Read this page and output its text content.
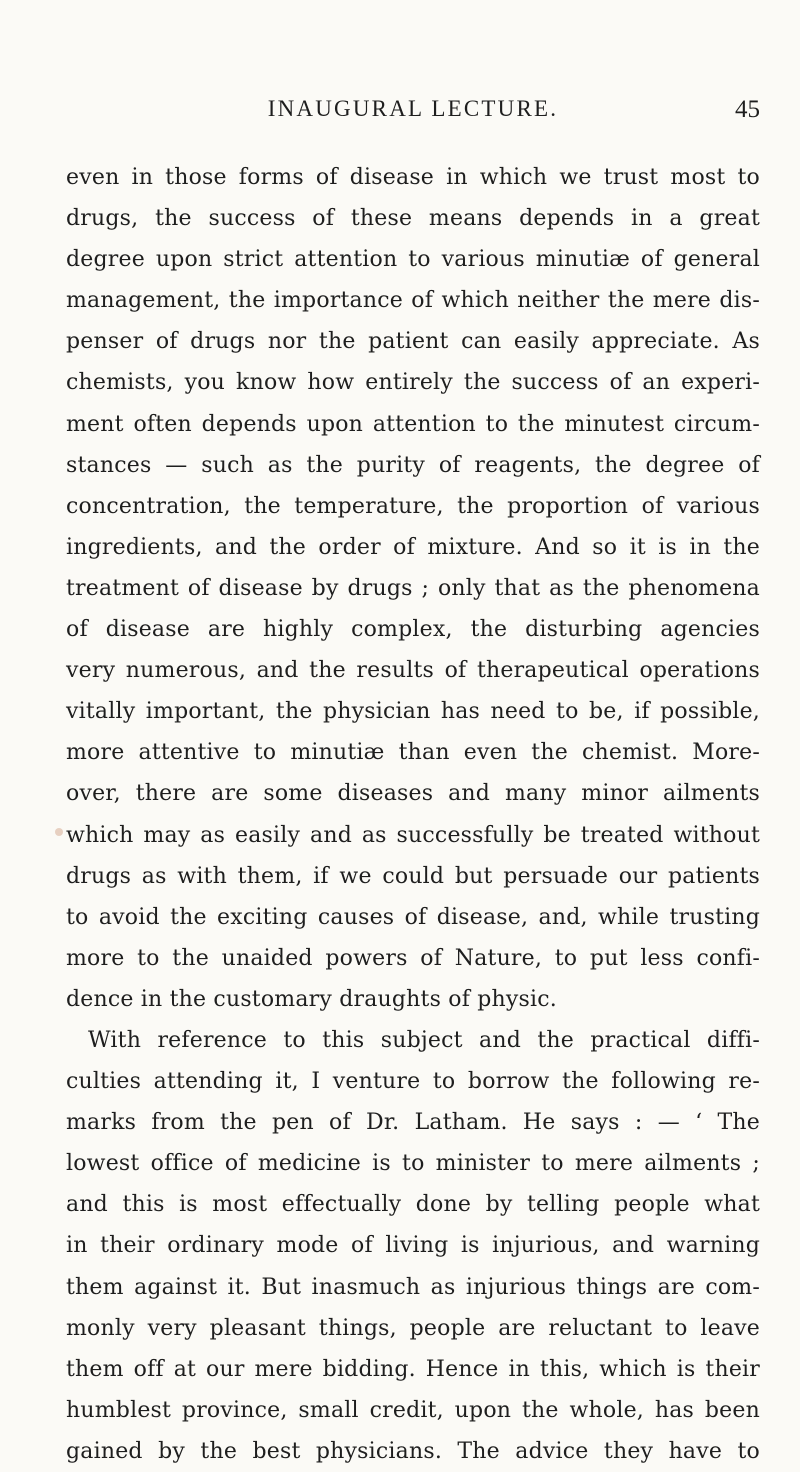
INAUGURAL LECTURE.	45
even in those forms of disease in which we trust most to
drugs, the success of these means depends in a great
degree upon strict attention to various minutiæ of general
management, the importance of which neither the mere dis-
penser of drugs nor the patient can easily appreciate. As
chemists, you know how entirely the success of an experi-
ment often depends upon attention to the minutest circum-
stances — such as the purity of reagents, the degree of
concentration, the temperature, the proportion of various
ingredients, and the order of mixture. And so it is in the
treatment of disease by drugs ; only that as the phenomena
of disease are highly complex, the disturbing agencies
very numerous, and the results of therapeutical operations
vitally important, the physician has need to be, if possible,
more attentive to minutiæ than even the chemist. More-
over, there are some diseases and many minor ailments
which may as easily and as successfully be treated without
drugs as with them, if we could but persuade our patients
to avoid the exciting causes of disease, and, while trusting
more to the unaided powers of Nature, to put less confi-
dence in the customary draughts of physic.
With reference to this subject and the practical diffi-
culties attending it, I venture to borrow the following re-
marks from the pen of Dr. Latham. He says : — ‘ The
lowest office of medicine is to minister to mere ailments ;
and this is most effectually done by telling people what
in their ordinary mode of living is injurious, and warning
them against it. But inasmuch as injurious things are com-
monly very pleasant things, people are reluctant to leave
them off at our mere bidding. Hence in this, which is their
humblest province, small credit, upon the whole, has been
gained by the best physicians. The advice they have to
